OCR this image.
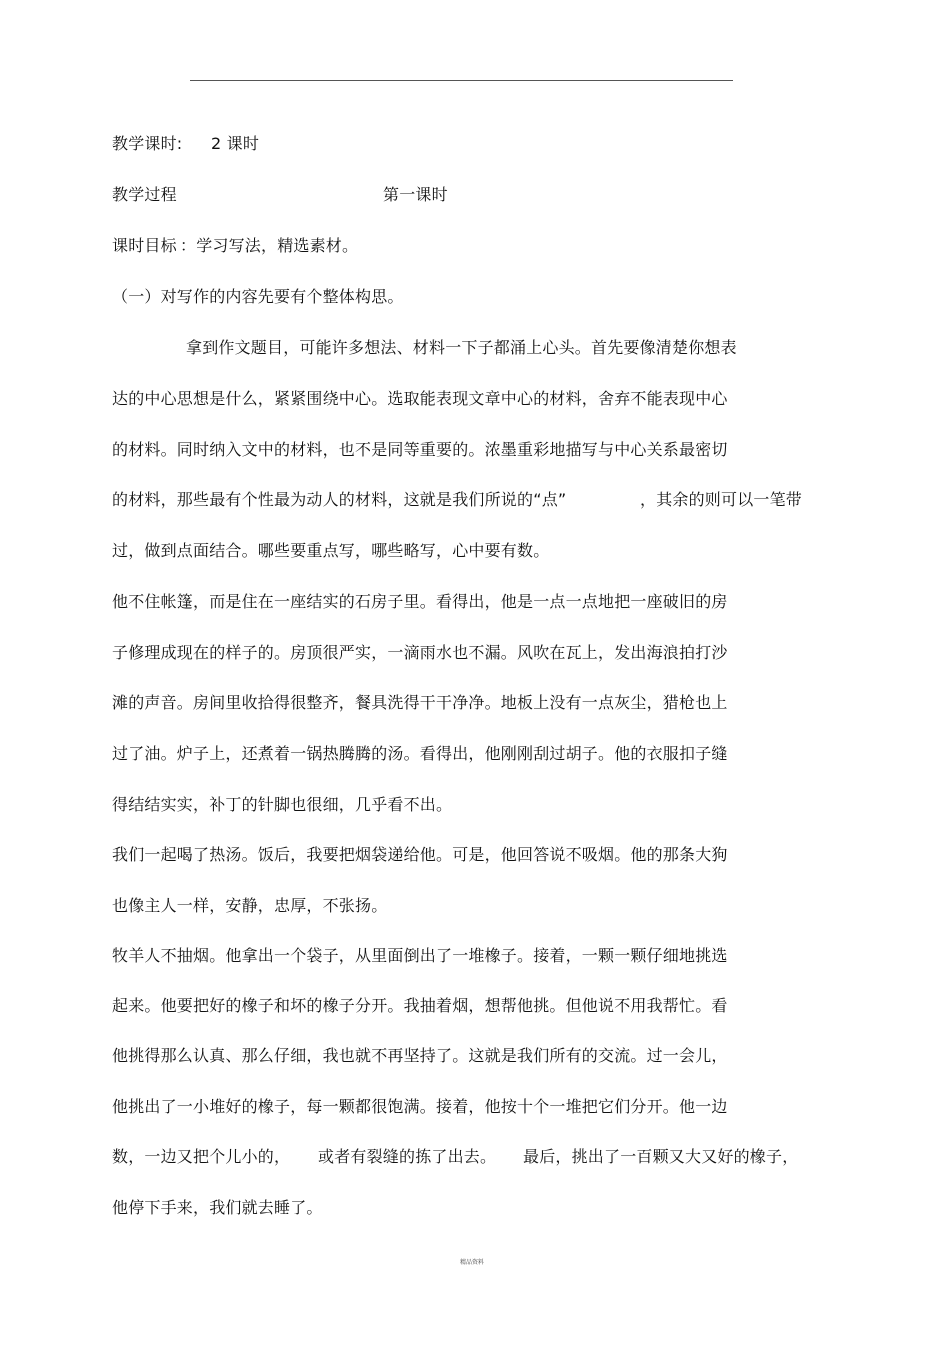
教学课时: 2 课时
教学过程	第一课时
课时目标 ：学习写法，精选素材。
（一）对写作的内容先要有个整体构思。
拿到作文题目，可能许多想法、材料一下子都涌上心头。首先要像清楚你想表
达的中心思想是什么，紧紧围绕中心。选取能表现文章中心的材料，舍弃不能表现中心
的材料。同时纳入文中的材料，也不是同等重要的。浓墨重彩地描写与中心关系最密切
的材料，那些最有个性最为动人的材料，这就是我们所说的“点”	，其余的则可以一笔带
过，做到点面结合。哪些要重点写，哪些略写，心中要有数。
他不住帐篷，而是住在一座结实的石房子里。看得出，他是一点一点地把一座破旧的房
子修理成现在的样子的。房顶很严实，一滴雨水也不漏。风吹在瓦上，发出海浪拍打沙
滩的声音。房间里收拾得很整齐，餐具洗得干干净净。地板上没有一点灰尘，猎枪也上
过了油。炉子上，还煮着一锅热腾腾的汤。看得出，他刚刚刮过胡子。他的衣服扣子缝
得结结实实，补丁的针脚也很细，几乎看不出。
我们一起喝了热汤。饭后，我要把烟袋递给他。可是，他回答说不吸烟。他的那条大狗
也像主人一样，安静，忠厚，不张扬。
牧羊人不抽烟。他拿出一个袋子，从里面倒出了一堆橡子。接着，一颗一颗仔细地挑选
起来。他要把好的橡子和坏的橡子分开。我抽着烟，想帮他挑。但他说不用我帮忙。看
他挑得那么认真、那么仔细，我也就不再坚持了。这就是我们所有的交流。过一会儿，
他挑出了一小堆好的橡子，每一颗都很饱满。接着，他按十个一堆把它们分开。他一边
数，一边又把个儿小的， 或者有裂缝的拣了出去。 最后，挑出了一百颗又大又好的橡子，
他停下手来，我们就去睡了。
精品资料
